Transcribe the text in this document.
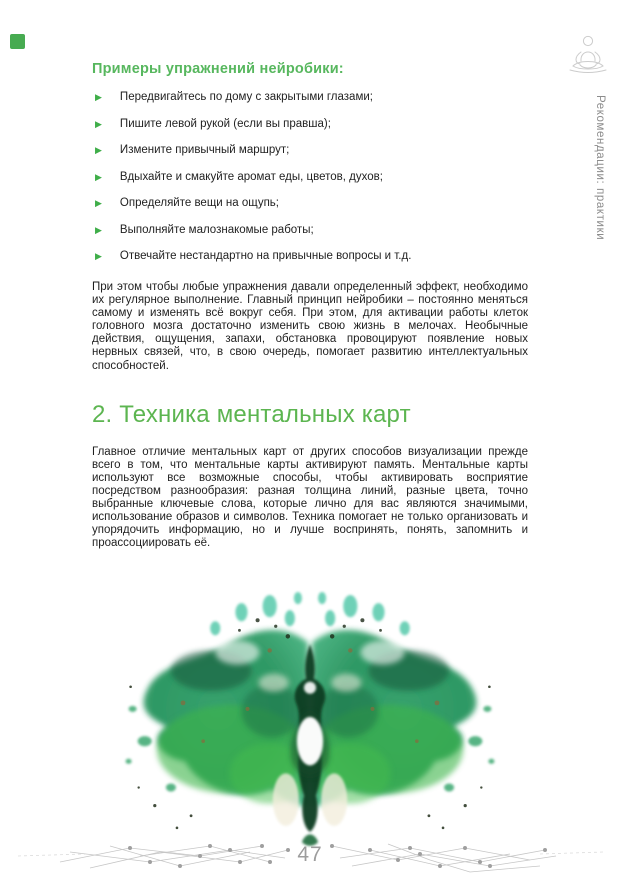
Рекомендации: практики
Примеры упражнений нейробики:
▶ Передвигайтесь по дому с закрытыми глазами;
▶ Пишите левой рукой (если вы правша);
▶ Измените привычный маршрут;
▶ Вдыхайте и смакуйте аромат еды, цветов, духов;
▶ Определяйте вещи на ощупь;
▶ Выполняйте малознакомые работы;
▶ Отвечайте нестандартно на привычные вопросы и т.д.

При этом чтобы любые упражнения давали определенный эффект, необходимо их регулярное выполнение. Главный принцип нейробики – постоянно меняться самому и изменять всё вокруг себя. При этом, для активации работы клеток головного мозга достаточно изменить свою жизнь в мелочах. Необычные действия, ощущения, запахи, обстановка провоцируют появление новых нервных связей, что, в свою очередь, помогает развитию интеллектуальных способностей.

2. Техника ментальных карт

Главное отличие ментальных карт от других способов визуализации прежде всего в том, что ментальные карты активируют память. Ментальные карты используют все возможные способы, чтобы активировать восприятие посредством разнообразия: разная толщина линий, разные цвета, точно выбранные ключевые слова, которые лично для вас являются значимыми, использование образов и символов. Техника помогает не только организовать и упорядочить информацию, но и лучше воспринять, понять, запомнить и проассоциировать её.

47
